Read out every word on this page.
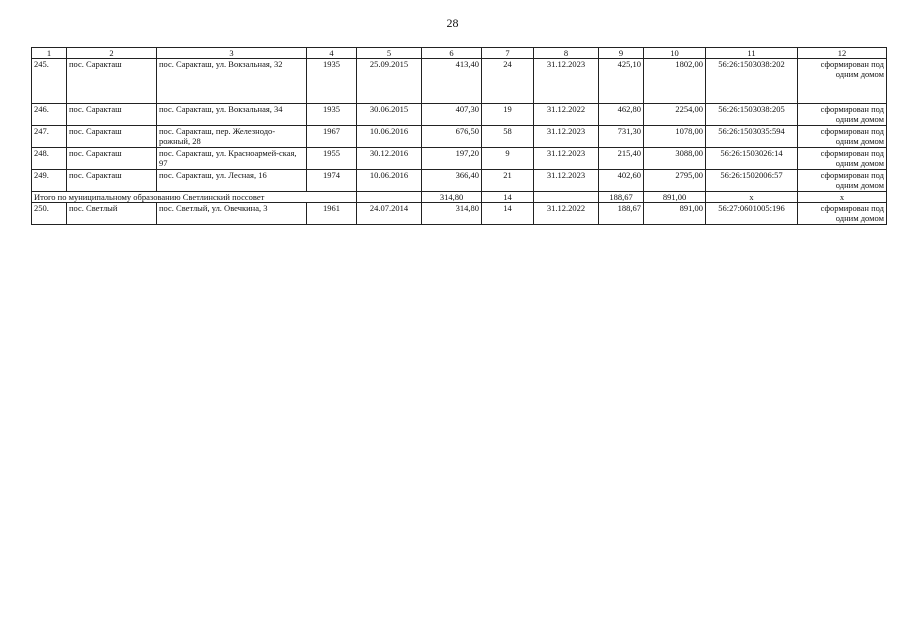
28
1	2	3	4	5	6	7	8	9	10	11	12
245.	пос. Саракташ	пос. Саракташ, ул. Вокзальная, 32	1935	25.09.2015	413,40	24	31.12.2023	425,10	1802,00	56:26:1503038:202	сформирован под одним домом
246.	пос. Саракташ	пос. Саракташ, ул. Вокзальная, 34	1935	30.06.2015	407,30	19	31.12.2022	462,80	2254,00	56:26:1503038:205	сформирован под одним домом
247.	пос. Саракташ	пос. Саракташ, пер. Железнодо-рожный, 28	1967	10.06.2016	676,50	58	31.12.2023	731,30	1078,00	56:26:1503035:594	сформирован под одним домом
248.	пос. Саракташ	пос. Саракташ, ул. Красноармей-ская, 97	1955	30.12.2016	197,20	9	31.12.2023	215,40	3088,00	56:26:1503026:14	сформирован под одним домом
249.	пос. Саракташ	пос. Саракташ, ул. Лесная, 16	1974	10.06.2016	366,40	21	31.12.2023	402,60	2795,00	56:26:1502006:57	сформирован под одним домом
Итого по муниципальному образованию Светлинский поссовет					314,80	14		188,67	891,00	x	x
250.	пос. Светлый	пос. Светлый, ул. Овечкина, 3	1961	24.07.2014	314,80	14	31.12.2022	188,67	891,00	56:27:0601005:196	сформирован под одним домом
